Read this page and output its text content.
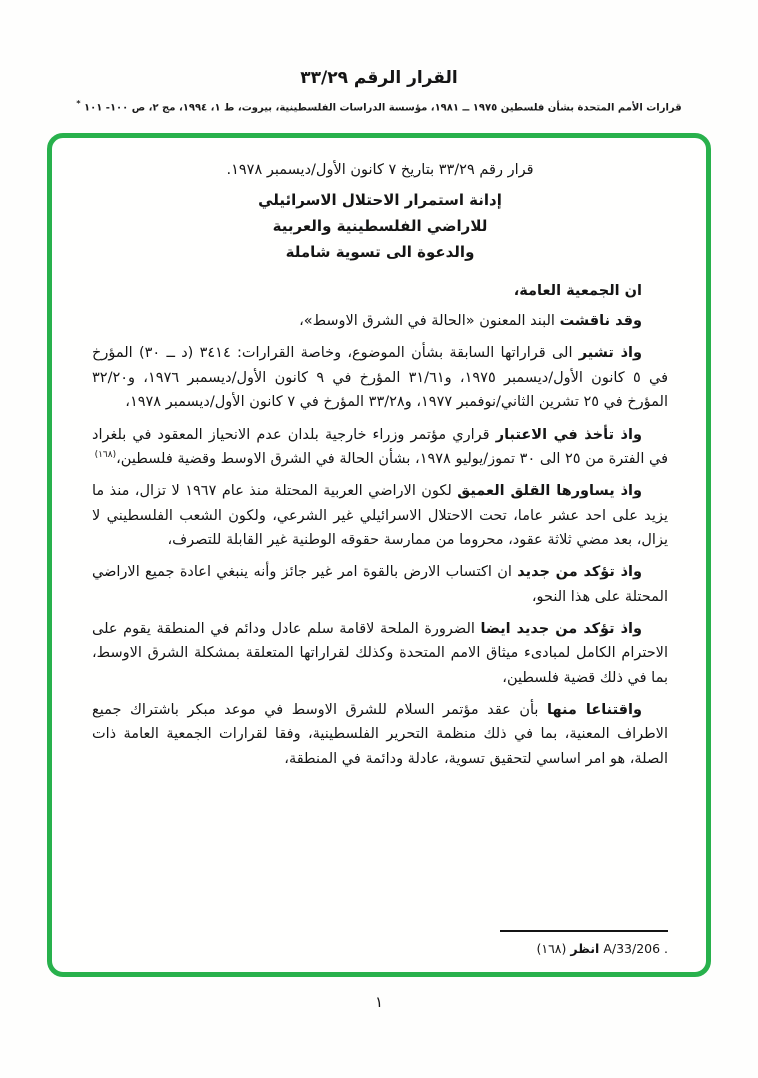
القرار الرقم ٣٣/٢٩
قرارات الأمم المتحدة بشأن فلسطين ١٩٧٥ ــ ١٩٨١، مؤسسة الدراسات الفلسطينية، بيروت، ط ١، ١٩٩٤، مج ٢، ص ١٠٠- ١٠١ *
قرار رقم ٣٣/٢٩ بتاريخ ٧ كانون الأول/ديسمبر ١٩٧٨.
إدانة استمرار الاحتلال الاسرائيلي
للاراضي الفلسطينية والعربية
والدعوة الى تسوية شاملة
ان الجمعية العامة،
وقد ناقشت البند المعنون «الحالة في الشرق الاوسط»،
واذ تشير الى قراراتها السابقة بشأن الموضوع، وخاصة القرارات: ٣٤١٤ (د ــ ٣٠) المؤرخ في ٥ كانون الأول/ديسمبر ١٩٧٥، و٣١/٦١ المؤرخ في ٩ كانون الأول/ديسمبر ١٩٧٦، و٣٢/٢٠ المؤرخ في ٢٥ تشرين الثاني/نوفمبر ١٩٧٧، و٣٣/٢٨ المؤرخ في ٧ كانون الأول/ديسمبر ١٩٧٨،
واذ تأخذ في الاعتبار قراري مؤتمر وزراء خارجية بلدان عدم الانحياز المعقود في بلغراد في الفترة من ٢٥ الى ٣٠ تموز/يوليو ١٩٧٨، بشأن الحالة في الشرق الاوسط وقضية فلسطين،$^{(١٦٨)}$
واذ يساورها القلق العميق لكون الاراضي العربية المحتلة منذ عام ١٩٦٧ لا تزال، منذ ما يزيد على احد عشر عاما، تحت الاحتلال الاسرائيلي غير الشرعي، ولكون الشعب الفلسطيني لا يزال، بعد مضي ثلاثة عقود، محروما من ممارسة حقوقه الوطنية غير القابلة للتصرف،
واذ تؤكد من جديد ان اكتساب الارض بالقوة امر غير جائز وأنه ينبغي اعادة جميع الاراضي المحتلة على هذا النحو،
واذ تؤكد من جديد ايضا الضرورة الملحة لاقامة سلم عادل ودائم في المنطقة يقوم على الاحترام الكامل لمبادىء ميثاق الامم المتحدة وكذلك لقراراتها المتعلقة بمشكلة الشرق الاوسط، بما في ذلك قضية فلسطين،
واقتناعا منها بأن عقد مؤتمر السلام للشرق الاوسط في موعد مبكر باشتراك جميع الاطراف المعنية، بما في ذلك منظمة التحرير الفلسطينية، وفقا لقرارات الجمعية العامة ذات الصلة، هو امر اساسي لتحقيق تسوية، عادلة ودائمة في المنطقة،
(١٦٨) انظر A/33/206 .
١
